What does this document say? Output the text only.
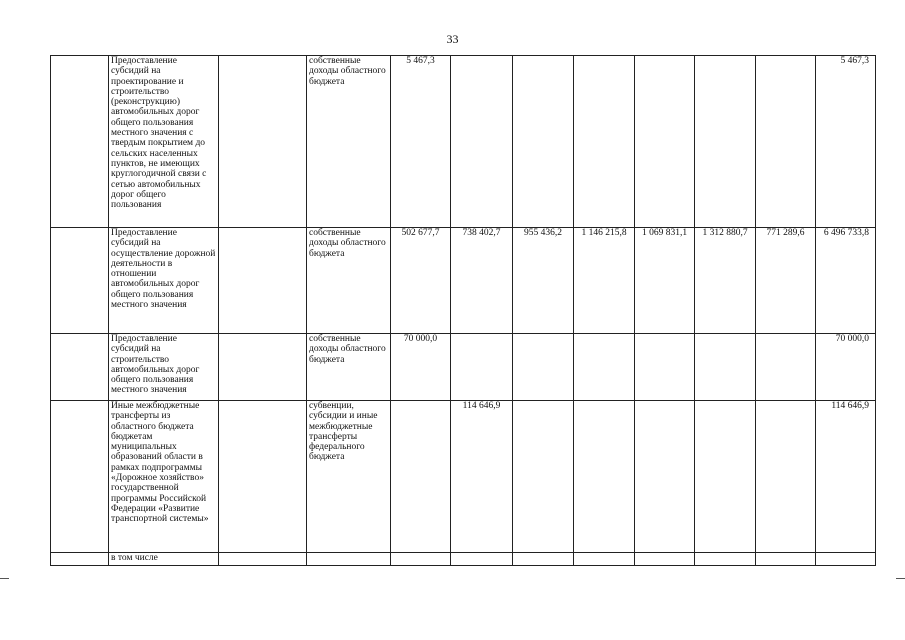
33
	Предоставление субсидий на проектирование и строительство (реконструкцию) автомобильных дорог общего пользования местного значения с твердым покрытием до сельских населенных пунктов, не имеющих круглогодичной связи с сетью автомобильных дорог общего пользования		собственные доходы областного бюджета	5 467,3							5 467,3
	Предоставление субсидий на осуществление дорожной деятельности в отношении автомобильных дорог общего пользования местного значения		собственные доходы областного бюджета	502 677,7	738 402,7	955 436,2	1 146 215,8	1 069 831,1	1 312 880,7	771 289,6	6 496 733,8
	Предоставление субсидий на строительство автомобильных дорог общего пользования местного значения		собственные доходы областного бюджета	70 000,0							70 000,0
	Иные межбюджетные трансферты из областного бюджета бюджетам муниципальных образований области в рамках подпрограммы «Дорожное хозяйство» государственной программы Российской Федерации «Развитие транспортной системы»		субвенции, субсидии и иные межбюджетные трансферты федерального бюджета		114 646,9						114 646,9
	в том числе										
